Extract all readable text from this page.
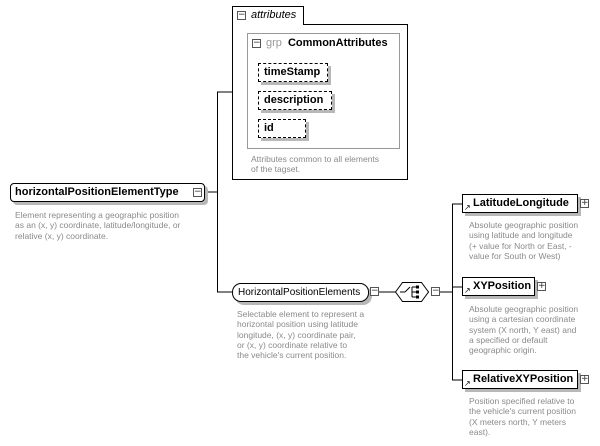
horizontalPositionElementType	−
Element representing a geographic position
as an (x, y) coordinate, latitude/longitude, or
relative (x, y) coordinate.
− attributes
− grp CommonAttributes
timeStamp
description
id
Attributes common to all elements
of the tagset.
HorizontalPositionElements	−
Selectable element to represent a
horizontal position using latitude
longitude, (x, y) coordinate pair,
or (x, y) coordinate relative to
the vehicle's current position.
−
LatitudeLongitude
↗	+
Absolute geographic position
using latitude and longitude
(+ value for North or East, -
value for South or West)
XYPosition
↗	+
Absolute geographic position
using a cartesian coordinate
system (X north, Y east) and
a specified or default
geographic origin.
RelativeXYPosition
↗	+
Position specified relative to
the vehicle's current position
(X meters north, Y meters
east).
